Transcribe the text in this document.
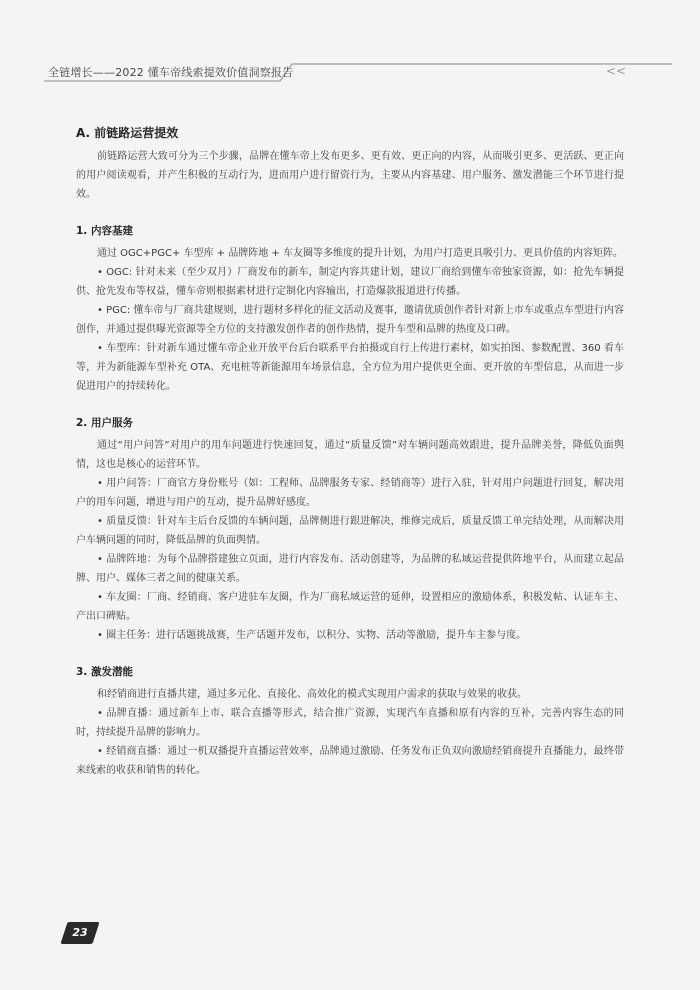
全链增长——2022 懂车帝线索提效价值洞察报告	<<

A. 前链路运营提效

前链路运营大致可分为三个步骤，品牌在懂车帝上发布更多、更有效、更正向的内容，从而吸引更多、更活跃、更正向的用户阅读观看，并产生积极的互动行为，进而用户进行留资行为，主要从内容基建、用户服务、激发潜能三个环节进行提效。

1. 内容基建

通过 OGC+PGC+ 车型库 + 品牌阵地 + 车友圈等多维度的提升计划，为用户打造更具吸引力、更具价值的内容矩阵。

• OGC: 针对未来（至少双月）厂商发布的新车，制定内容共建计划，建议厂商给到懂车帝独家资源，如：抢先车辆提供、抢先发布等权益，懂车帝则根据素材进行定制化内容输出，打造爆款报道进行传播。

• PGC: 懂车帝与厂商共建规则，进行题材多样化的征文活动及赛事，邀请优质创作者针对新上市车或重点车型进行内容创作，并通过提供曝光资源等全方位的支持激发创作者的创作热情，提升车型和品牌的热度及口碑。

• 车型库：针对新车通过懂车帝企业开放平台后台联系平台拍摄或自行上传进行素材，如实拍图、参数配置、360 看车等，并为新能源车型补充 OTA、充电桩等新能源用车场景信息，全方位为用户提供更全面、更开放的车型信息，从而进一步促进用户的持续转化。

2. 用户服务

通过“用户问答”对用户的用车问题进行快速回复，通过“质量反馈”对车辆问题高效跟进，提升品牌美誉，降低负面舆情，这也是核心的运营环节。

• 用户问答：厂商官方身份账号（如：工程师、品牌服务专家、经销商等）进行入驻，针对用户问题进行回复，解决用户的用车问题，增进与用户的互动，提升品牌好感度。

• 质量反馈：针对车主后台反馈的车辆问题，品牌侧进行跟进解决，维修完成后，质量反馈工单完结处理，从而解决用户车辆问题的同时，降低品牌的负面舆情。

• 品牌阵地：为每个品牌搭建独立页面，进行内容发布、活动创建等，为品牌的私域运营提供阵地平台，从而建立起品牌、用户、媒体三者之间的健康关系。

• 车友圈：厂商、经销商、客户进驻车友圈，作为厂商私域运营的延伸，设置相应的激励体系，积极发帖、认证车主、产出口碑贴。

• 圈主任务：进行话题挑战赛，生产话题并发布，以积分、实物、活动等激励，提升车主参与度。

3. 激发潜能

和经销商进行直播共建，通过多元化、直接化、高效化的模式实现用户需求的获取与效果的收获。

• 品牌直播：通过新车上市、联合直播等形式，结合推广资源，实现汽车直播和原有内容的互补，完善内容生态的同时，持续提升品牌的影响力。

• 经销商直播：通过一机双播提升直播运营效率，品牌通过激励、任务发布正负双向激励经销商提升直播能力，最终带来线索的收获和销售的转化。

23
